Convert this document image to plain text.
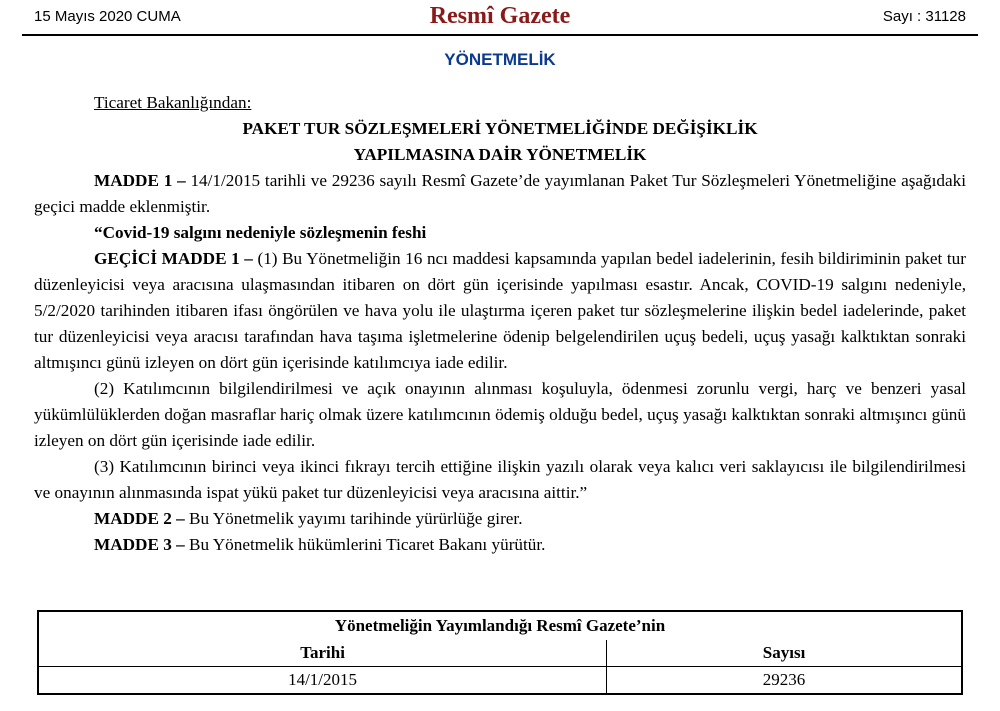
15 Mayıs 2020 CUMA	Resmî Gazete	Sayı : 31128
YÖNETMELİK

Ticaret Bakanlığından:

PAKET TUR SÖZLEŞMELERİ YÖNETMELİĞİNDE DEĞİŞİKLİK

YAPILMASINA DAİR YÖNETMELİK

MADDE 1 – 14/1/2015 tarihli ve 29236 sayılı Resmî Gazete’de yayımlanan Paket Tur Sözleşmeleri Yönetmeliğine aşağıdaki geçici madde eklenmiştir.

“Covid-19 salgını nedeniyle sözleşmenin feshi

GEÇİCİ MADDE 1 – (1) Bu Yönetmeliğin 16 ncı maddesi kapsamında yapılan bedel iadelerinin, fesih bildiriminin paket tur düzenleyicisi veya aracısına ulaşmasından itibaren on dört gün içerisinde yapılması esastır. Ancak, COVID-19 salgını nedeniyle, 5/2/2020 tarihinden itibaren ifası öngörülen ve hava yolu ile ulaştırma içeren paket tur sözleşmelerine ilişkin bedel iadelerinde, paket tur düzenleyicisi veya aracısı tarafından hava taşıma işletmelerine ödenip belgelendirilen uçuş bedeli, uçuş yasağı kalktıktan sonraki altmışıncı günü izleyen on dört gün içerisinde katılımcıya iade edilir.

(2) Katılımcının bilgilendirilmesi ve açık onayının alınması koşuluyla, ödenmesi zorunlu vergi, harç ve benzeri yasal yükümlülüklerden doğan masraflar hariç olmak üzere katılımcının ödemiş olduğu bedel, uçuş yasağı kalktıktan sonraki altmışıncı günü izleyen on dört gün içerisinde iade edilir.

(3) Katılımcının birinci veya ikinci fıkrayı tercih ettiğine ilişkin yazılı olarak veya kalıcı veri saklayıcısı ile bilgilendirilmesi ve onayının alınmasında ispat yükü paket tur düzenleyicisi veya aracısına aittir.”

MADDE 2 – Bu Yönetmelik yayımı tarihinde yürürlüğe girer.

MADDE 3 – Bu Yönetmelik hükümlerini Ticaret Bakanı yürütür.

Yönetmeliğin Yayımlandığı Resmî Gazete’nin	
Tarihi	Sayısı
14/1/2015	29236
